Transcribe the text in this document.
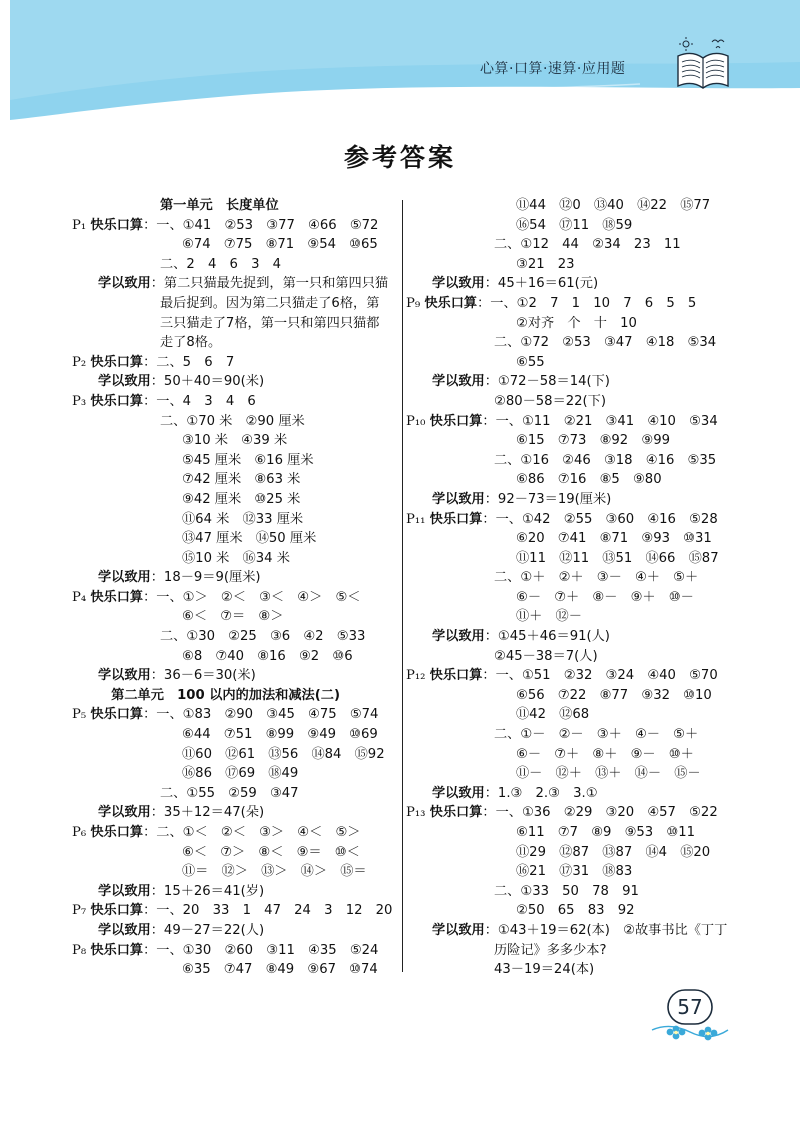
心算·口算·速算·应用题
参考答案
第一单元　长度单位
P₁ 快乐口算：一、①41　②53　③77　④66　⑤72
⑥74　⑦75　⑧71　⑨54　⑩65
二、2　4　6　3　4
学以致用：第二只猫最先捉到，第一只和第四只猫
最后捉到。因为第二只猫走了6格，第
三只猫走了7格，第一只和第四只猫都
走了8格。
P₂ 快乐口算：二、5　6　7
学以致用：50＋40＝90(米)
P₃ 快乐口算：一、4　3　4　6
二、①70 米　②90 厘米
③10 米　④39 米
⑤45 厘米　⑥16 厘米
⑦42 厘米　⑧63 米
⑨42 厘米　⑩25 米
⑪64 米　⑫33 厘米
⑬47 厘米　⑭50 厘米
⑮10 米　⑯34 米
学以致用：18－9＝9(厘米)
P₄ 快乐口算：一、①＞　②＜　③＜　④＞　⑤＜
⑥＜　⑦＝　⑧＞
二、①30　②25　③6　④2　⑤33
⑥8　⑦40　⑧16　⑨2　⑩6
学以致用：36－6＝30(米)
　第二单元　100 以内的加法和减法(二)
P₅ 快乐口算：一、①83　②90　③45　④75　⑤74
⑥44　⑦51　⑧99　⑨49　⑩69
⑪60　⑫61　⑬56　⑭84　⑮92
⑯86　⑰69　⑱49
二、①55　②59　③47
学以致用：35＋12＝47(朵)
P₆ 快乐口算：二、①＜　②＜　③＞　④＜　⑤＞
⑥＜　⑦＞　⑧＜　⑨＝　⑩＜
⑪＝　⑫＞　⑬＞　⑭＞　⑮＝
学以致用：15＋26＝41(岁)
P₇ 快乐口算：一、20　33　1　47　24　3　12　20
学以致用：49－27＝22(人)
P₈ 快乐口算：一、①30　②60　③11　④35　⑤24
⑥35　⑦47　⑧49　⑨67　⑩74
⑪44　⑫0　⑬40　⑭22　⑮77
⑯54　⑰11　⑱59
二、①12　44　②34　23　11
③21　23
学以致用：45＋16＝61(元)
P₉ 快乐口算：一、①2　7　1　10　7　6　5　5
②对齐　个　十　10
二、①72　②53　③47　④18　⑤34
⑥55
学以致用：①72－58＝14(下)
②80－58＝22(下)
P₁₀ 快乐口算：一、①11　②21　③41　④10　⑤34
⑥15　⑦73　⑧92　⑨99
二、①16　②46　③18　④16　⑤35
⑥86　⑦16　⑧5　⑨80
学以致用：92－73＝19(厘米)
P₁₁ 快乐口算：一、①42　②55　③60　④16　⑤28
⑥20　⑦41　⑧71　⑨93　⑩31
⑪11　⑫11　⑬51　⑭66　⑮87
二、①＋　②＋　③－　④＋　⑤＋
⑥－　⑦＋　⑧－　⑨＋　⑩－
⑪＋　⑫－
学以致用：①45＋46＝91(人)
②45－38＝7(人)
P₁₂ 快乐口算：一、①51　②32　③24　④40　⑤70
⑥56　⑦22　⑧77　⑨32　⑩10
⑪42　⑫68
二、①－　②－　③＋　④－　⑤＋
⑥－　⑦＋　⑧＋　⑨－　⑩＋
⑪－　⑫＋　⑬＋　⑭－　⑮－
学以致用：1.③　2.③　3.①
P₁₃ 快乐口算：一、①36　②29　③20　④57　⑤22
⑥11　⑦7　⑧9　⑨53　⑩11
⑪29　⑫87　⑬87　⑭4　⑮20
⑯21　⑰31　⑱83
二、①33　50　78　91
②50　65　83　92
学以致用：①43＋19＝62(本)　②故事书比《丁丁
历险记》多多少本?
43－19＝24(本)
57
